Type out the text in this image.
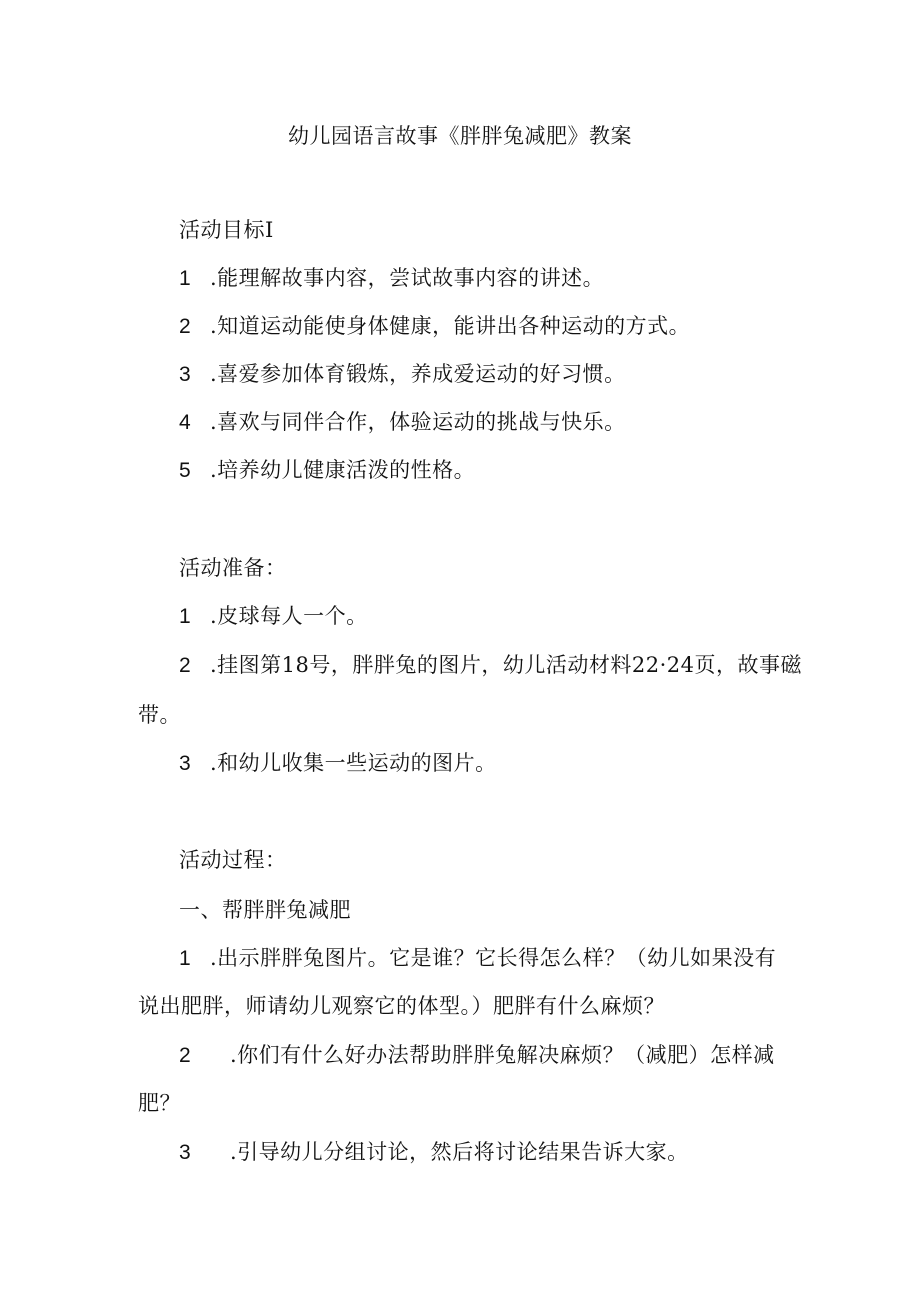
幼儿园语言故事《胖胖兔减肥》教案
活动目标I
1 .能理解故事内容，尝试故事内容的讲述。
2 .知道运动能使身体健康，能讲出各种运动的方式。
3 .喜爱参加体育锻炼，养成爱运动的好习惯。
4 .喜欢与同伴合作，体验运动的挑战与快乐。
5 .培养幼儿健康活泼的性格。
活动准备：
1 .皮球每人一个。
2 .挂图第18号，胖胖兔的图片，幼儿活动材料22·24页，故事磁
带。
3 .和幼儿收集一些运动的图片。
活动过程：
一、帮胖胖兔减肥
1 .出示胖胖兔图片。它是谁？它长得怎么样？（幼儿如果没有
说出肥胖，师请幼儿观察它的体型。）肥胖有什么麻烦？
2 .你们有什么好办法帮助胖胖兔解决麻烦？（减肥）怎样减
肥？
3 .引导幼儿分组讨论，然后将讨论结果告诉大家。
